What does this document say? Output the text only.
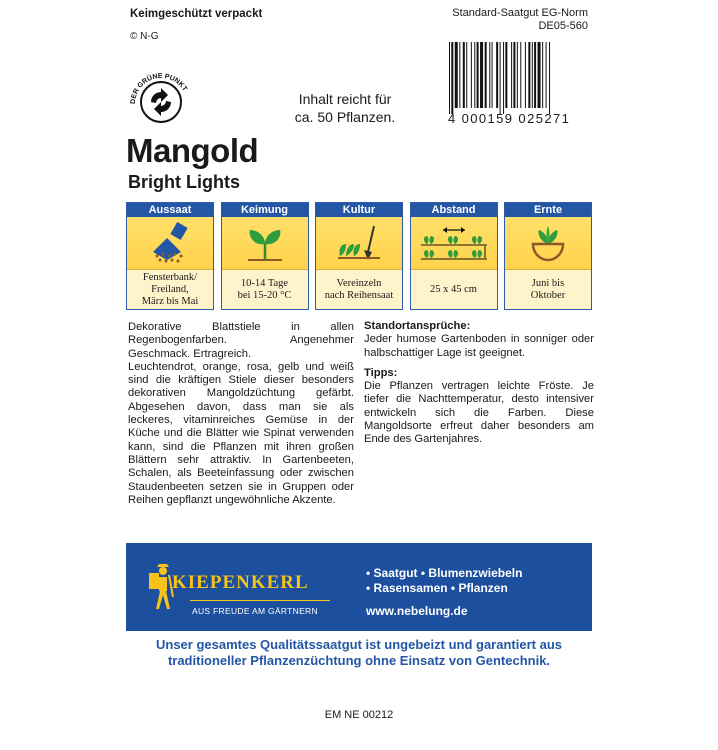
Keimgeschützt verpackt
© N-G
Standard-Saatgut EG-Norm
DE05-560
DER GRÜNE PUNKT
Inhalt reicht für
ca. 50 Pflanzen.	4 000159 025271
Mangold
Bright Lights
Aussaat
Fensterbank/
Freiland,
März bis Mai
Keimung
10-14 Tage
bei 15-20 °C
Kultur
Vereinzeln
nach Reihensaat
Abstand
25 x 45 cm
Ernte
Juni bis
Oktober

Dekorative Blattstiele in allen Regenbogenfarben. Angenehmer Geschmack. Ertragreich.

Leuchtendrot, orange, rosa, gelb und weiß sind die kräftigen Stiele dieser besonders dekorativen Mangoldzüchtung gefärbt. Abgesehen davon, dass man sie als leckeres, vitaminreiches Gemüse in der Küche und die Blätter wie Spinat verwenden kann, sind die Pflanzen mit ihren großen Blättern sehr attraktiv. In Gartenbeeten, Schalen, als Beeteinfassung oder zwischen Staudenbeeten setzen sie in Gruppen oder Reihen gepflanzt ungewöhnliche Akzente.

Standortansprüche:

Jeder humose Gartenboden in sonniger oder halbschattiger Lage ist geeignet.

Tipps:

Die Pflanzen vertragen leichte Fröste. Je tiefer die Nachttemperatur, desto intensiver entwickeln sich die Farben. Diese Mangoldsorte erfreut daher besonders am Ende des Gartenjahres.

KIEPENKERL
AUS FREUDE AM GÄRTNERN
• Saatgut • Blumenzwiebeln
• Rasensamen • Pflanzen
www.nebelung.de
Unser gesamtes Qualitätssaatgut ist ungebeizt und garantiert aus
traditioneller Pflanzenzüchtung ohne Einsatz von Gentechnik.
EM NE 00212
